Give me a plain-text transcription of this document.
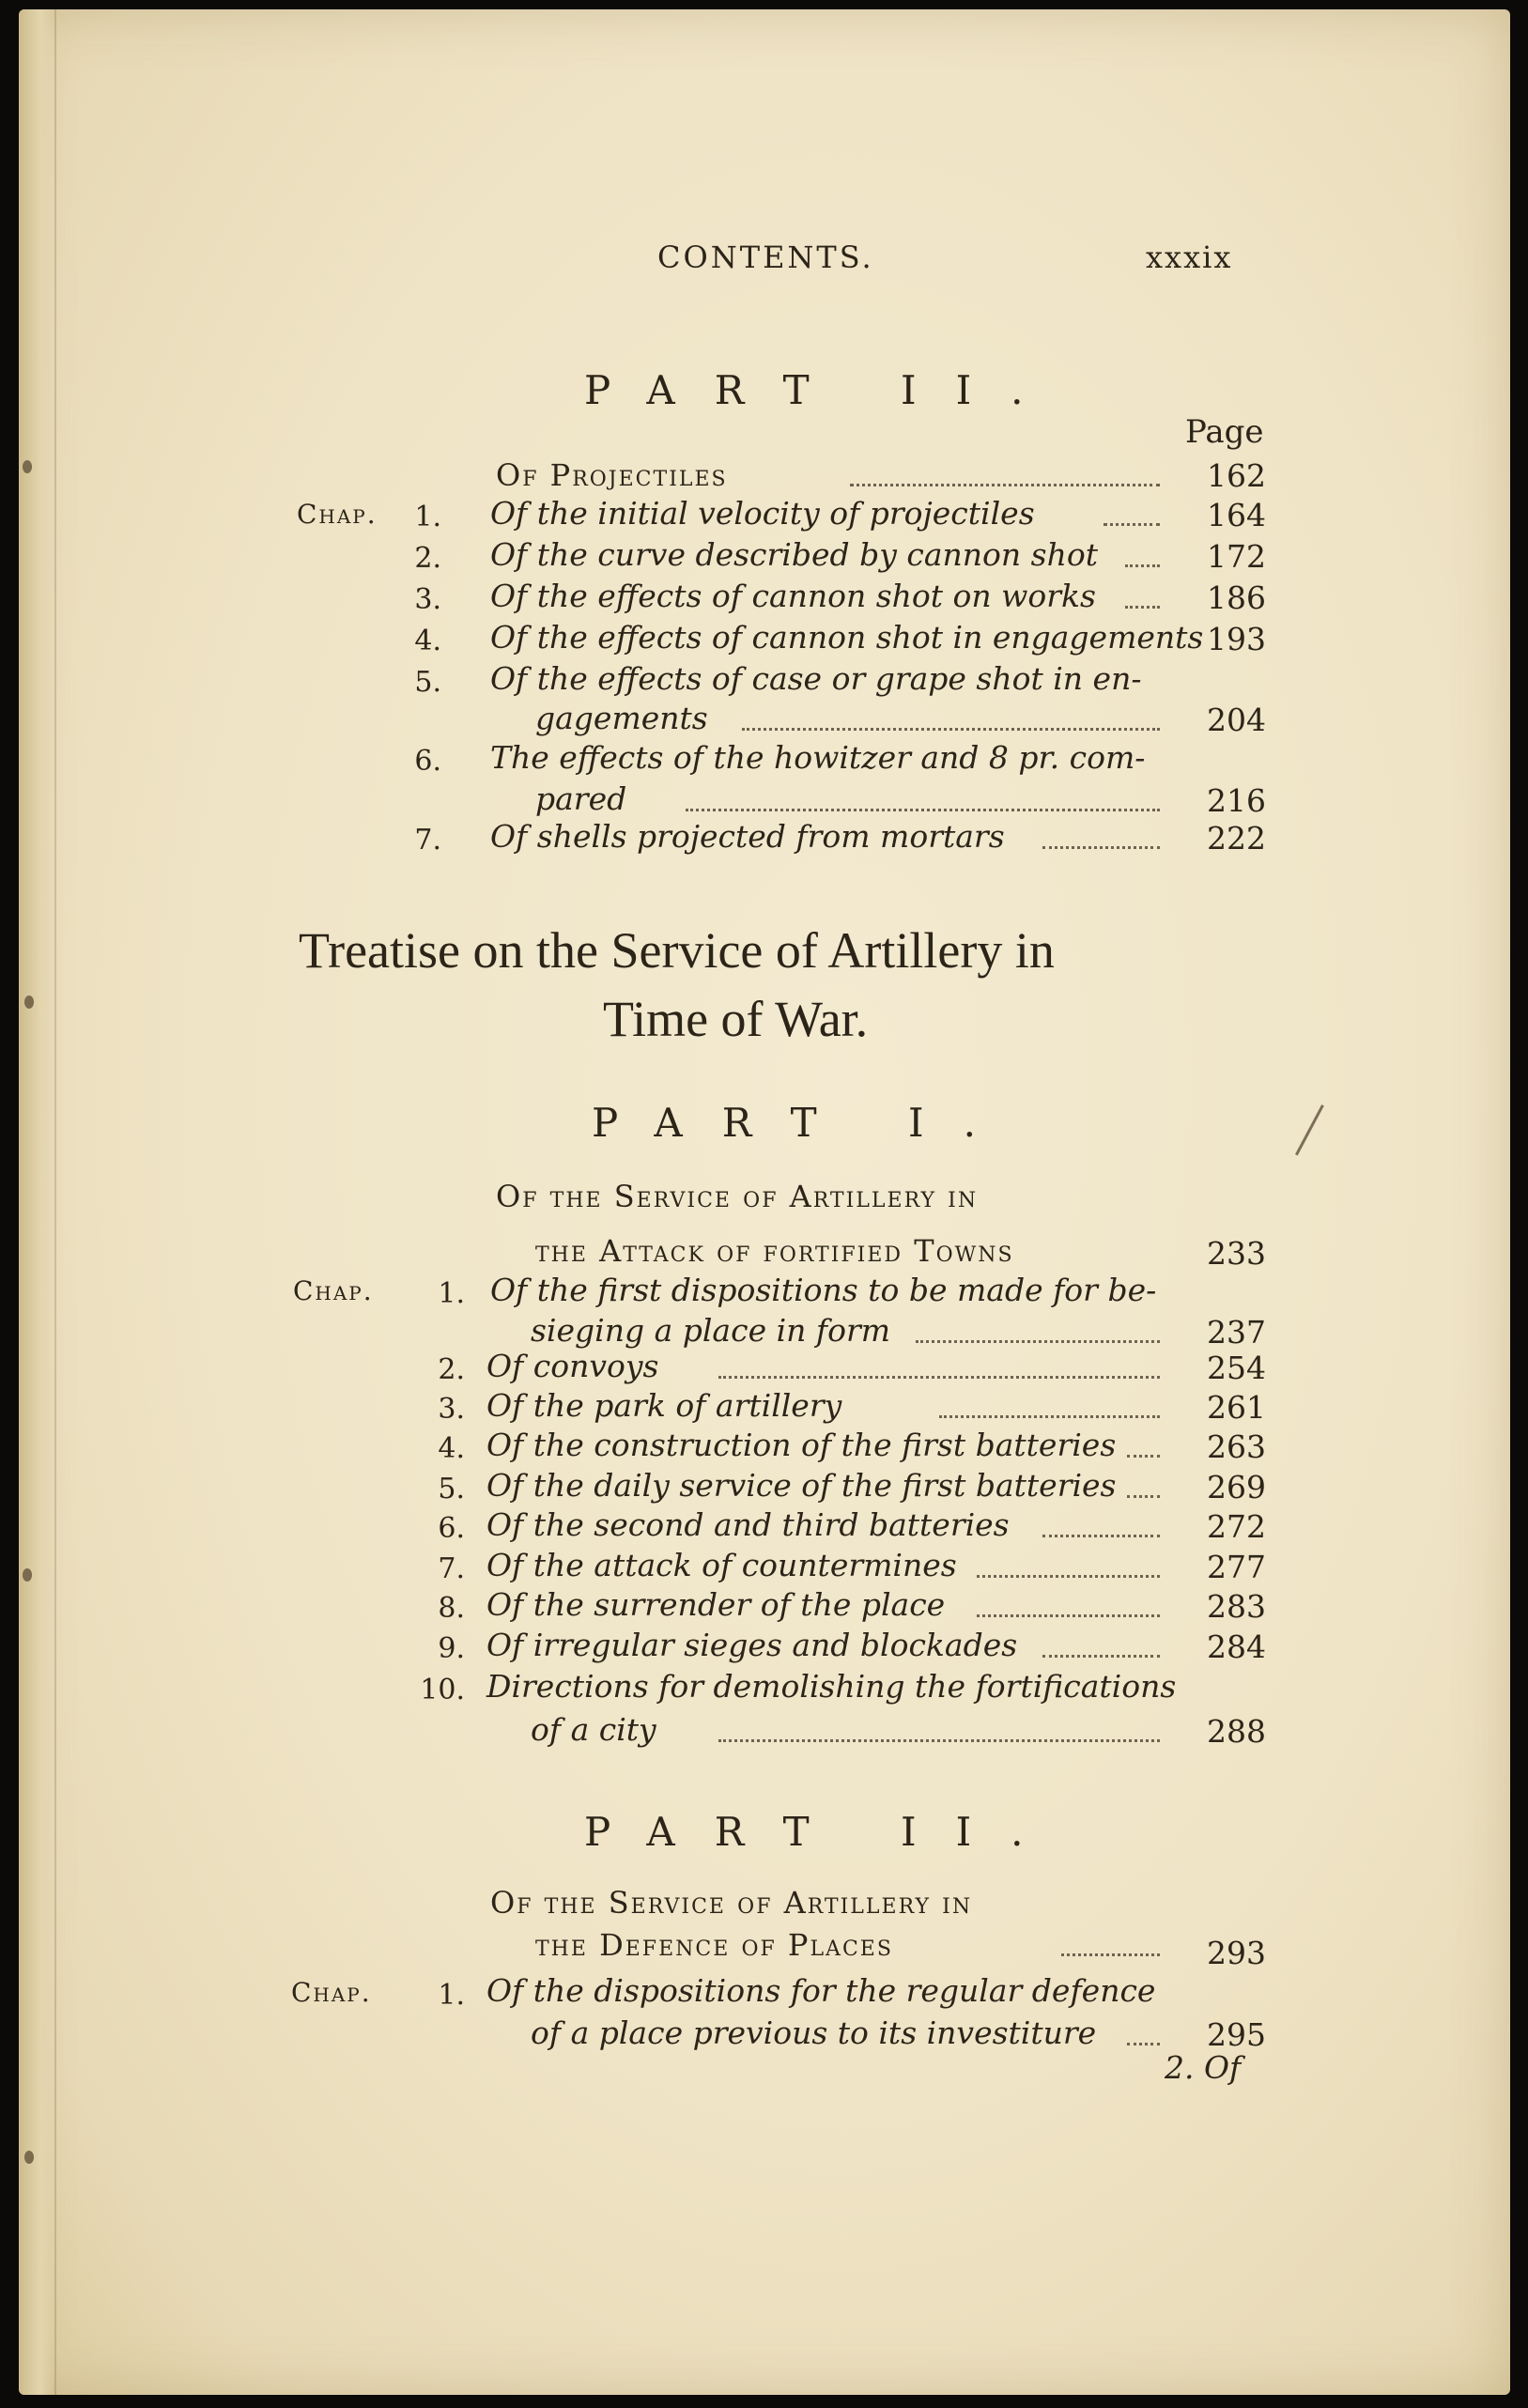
CONTENTS.	xxxix
PART II.
Page
Of Projectiles	162
Chap.	1. Of the initial velocity of projectiles	164
2. Of the curve described by cannon shot	172
3. Of the effects of cannon shot on works	186
4. Of the effects of cannon shot in engagements 193
5. Of the effects of case or grape shot in en-
gagements	204
6. The effects of the howitzer and 8 pr. com-
pared	216
7. Of shells projected from mortars	222
Treatise on the Service of Artillery in
Time of War.
PART I.
Of the Service of Artillery in
the Attack of fortified Towns	233
Chap.	1. Of the first dispositions to be made for be-
sieging a place in form	237
2. Of convoys	254
3. Of the park of artillery	261
4. Of the construction of the first batteries	263
5. Of the daily service of the first batteries	269
6. Of the second and third batteries	272
7. Of the attack of countermines	277
8. Of the surrender of the place	283
9. Of irregular sieges and blockades	284
10. Directions for demolishing the fortifications
of a city	288
PART II.
Of the Service of Artillery in
the Defence of Places	293
Chap.	1. Of the dispositions for the regular defence
of a place previous to its investiture	295
2. Of
